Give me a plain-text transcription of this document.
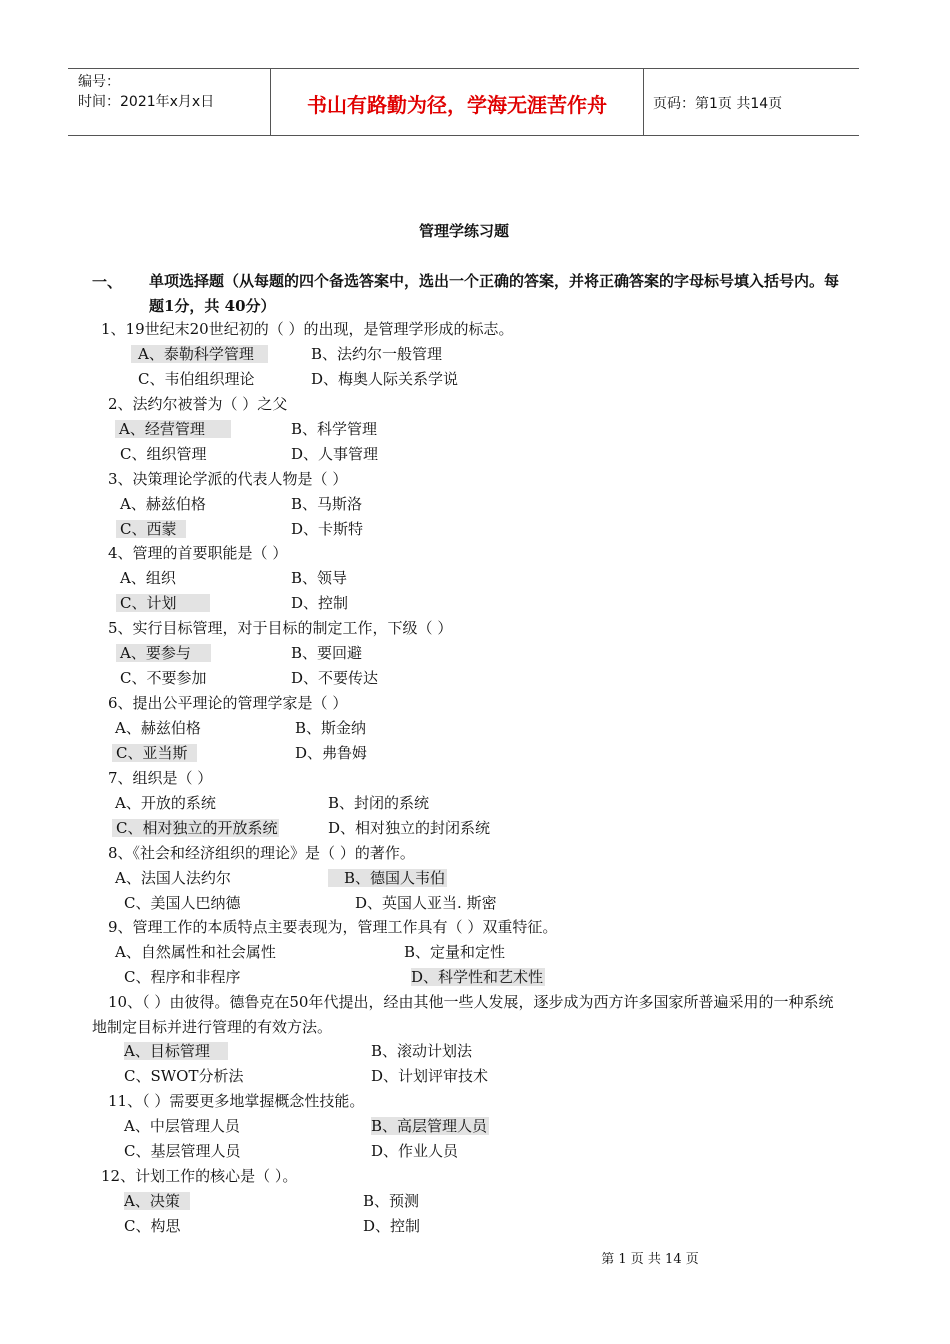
编号：
时间：2021年x月x日	书山有路勤为径，学海无涯苦作舟	页码：第1页 共14页
管理学练习题
一、 单项选择题（从每题的四个备选答案中，选出一个正确的答案，并将正确答案的字母标号填入括号内。每题1分，共 40分）
1、19世纪末20世纪初的（ ）的出现，是管理学形成的标志。
A、泰勒科学管理	B、法约尔一般管理
C、韦伯组织理论	D、梅奥人际关系学说
2、法约尔被誉为（ ）之父
A、经营管理	B、科学管理
C、组织管理	D、人事管理
3、决策理论学派的代表人物是（ ）
A、赫兹伯格	B、马斯洛
C、西蒙	D、卡斯特
4、管理的首要职能是（ ）
A、组织	B、领导
C、计划	D、控制
5、实行目标管理，对于目标的制定工作，下级（ ）
A、要参与	B、要回避
C、不要参加	D、不要传达
6、提出公平理论的管理学家是（ ）
A、赫兹伯格	B、斯金纳
C、亚当斯	D、弗鲁姆
7、组织是（ ）
A、开放的系统	B、封闭的系统
C、相对独立的开放系统	D、相对独立的封闭系统
8、《社会和经济组织的理论》是（ ）的著作。
A、法国人法约尔	B、德国人韦伯
C、美国人巴纳德	D、英国人亚当. 斯密
9、管理工作的本质特点主要表现为，管理工作具有（ ）双重特征。
A、自然属性和社会属性	B、定量和定性
C、程序和非程序	D、科学性和艺术性
10、（ ）由彼得。德鲁克在50年代提出，经由其他一些人发展，逐步成为西方许多国家所普遍采用的一种系统地制定目标并进行管理的有效方法。
A、目标管理	B、滚动计划法
C、SWOT分析法	D、计划评审技术
11、（ ）需要更多地掌握概念性技能。
A、中层管理人员	B、高层管理人员
C、基层管理人员	D、作业人员
12、计划工作的核心是（ ）。
A、决策	B、预测
C、构思	D、控制
第 1 页 共 14 页
